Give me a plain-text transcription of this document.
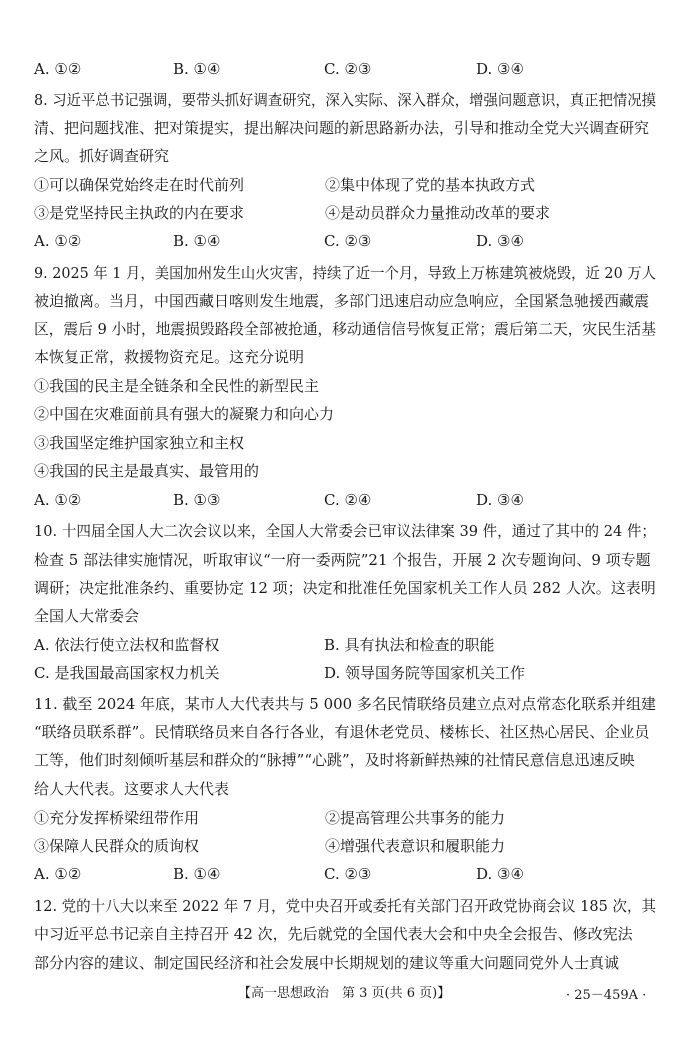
A. ①②	B. ①④	C. ②③	D. ③④
8. 习近平总书记强调，要带头抓好调查研究，深入实际、深入群众，增强问题意识，真正把情况摸
清、把问题找准、把对策提实，提出解决问题的新思路新办法，引导和推动全党大兴调查研究
之风。抓好调查研究
①可以确保党始终走在时代前列	②集中体现了党的基本执政方式
③是党坚持民主执政的内在要求	④是动员群众力量推动改革的要求
A. ①②	B. ①④	C. ②③	D. ③④
9. 2025 年 1 月，美国加州发生山火灾害，持续了近一个月，导致上万栋建筑被烧毁，近 20 万人
被迫撤离。当月，中国西藏日喀则发生地震，多部门迅速启动应急响应，全国紧急驰援西藏震
区，震后 9 小时，地震损毁路段全部被抢通，移动通信信号恢复正常；震后第二天，灾民生活基
本恢复正常，救援物资充足。这充分说明
①我国的民主是全链条和全民性的新型民主
②中国在灾难面前具有强大的凝聚力和向心力
③我国坚定维护国家独立和主权
④我国的民主是最真实、最管用的
A. ①②	B. ①③	C. ②④	D. ③④
10. 十四届全国人大二次会议以来，全国人大常委会已审议法律案 39 件，通过了其中的 24 件；
检查 5 部法律实施情况，听取审议“一府一委两院”21 个报告，开展 2 次专题询问、9 项专题
调研；决定批准条约、重要协定 12 项；决定和批准任免国家机关工作人员 282 人次。这表明
全国人大常委会
A. 依法行使立法权和监督权	B. 具有执法和检查的职能
C. 是我国最高国家权力机关	D. 领导国务院等国家机关工作
11. 截至 2024 年底，某市人大代表共与 5 000 多名民情联络员建立点对点常态化联系并组建
“联络员联系群”。民情联络员来自各行各业，有退休老党员、楼栋长、社区热心居民、企业员
工等，他们时刻倾听基层和群众的“脉搏”“心跳”，及时将新鲜热辣的社情民意信息迅速反映
给人大代表。这要求人大代表
①充分发挥桥梁纽带作用	②提高管理公共事务的能力
③保障人民群众的质询权	④增强代表意识和履职能力
A. ①②	B. ①④	C. ②③	D. ③④
12. 党的十八大以来至 2022 年 7 月，党中央召开或委托有关部门召开政党协商会议 185 次，其
中习近平总书记亲自主持召开 42 次，先后就党的全国代表大会和中央全会报告、修改宪法
部分内容的建议、制定国民经济和社会发展中长期规划的建议等重大问题同党外人士真诚
【高一思想政治　第 3 页(共 6 页)】	· 25－459A ·
